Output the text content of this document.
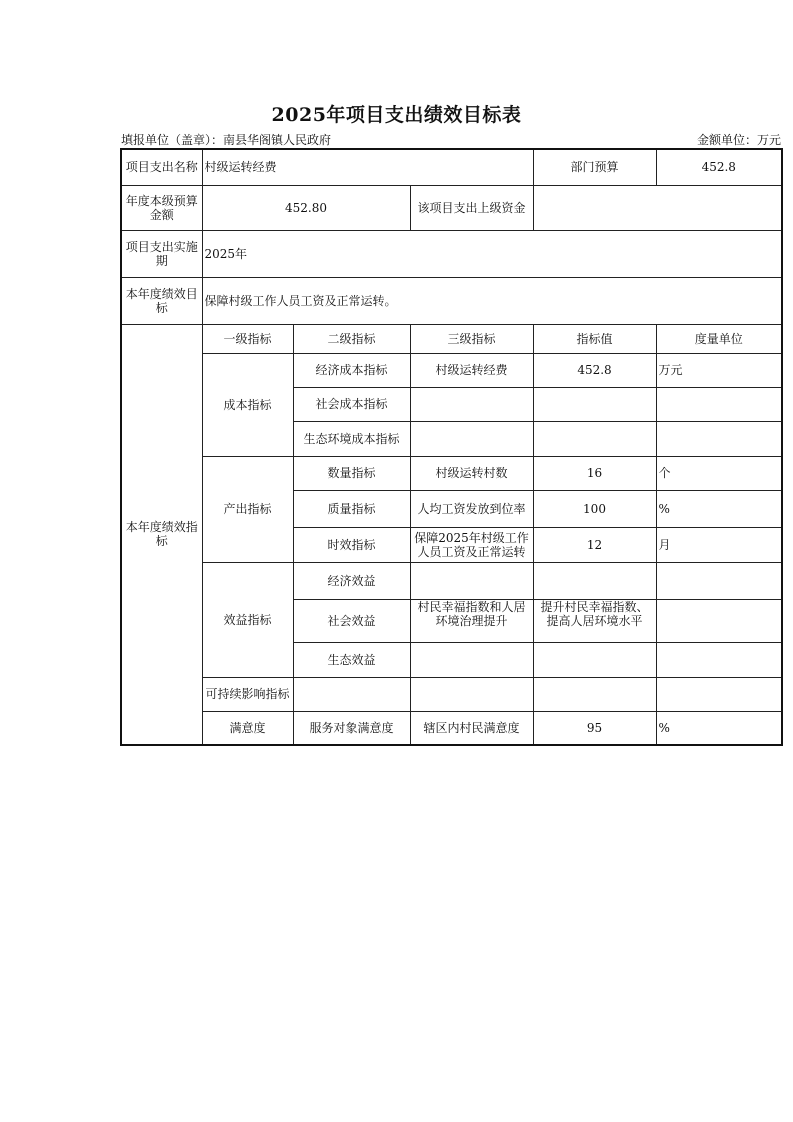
2025年项目支出绩效目标表
填报单位（盖章）：南县华阁镇人民政府	金额单位：万元
项目支出名称	村级运转经费			部门预算	452.8
年度本级预算金额	452.80		该项目支出上级资金		
项目支出实施期	2025年				
本年度绩效目标	保障村级工作人员工资及正常运转。				
本年度绩效指标	一级指标	二级指标	三级指标	指标值	度量单位
	成本指标	经济成本指标	村级运转经费	452.8	万元
		社会成本指标			
		生态环境成本指标			
	产出指标	数量指标	村级运转村数	16	个
		质量指标	人均工资发放到位率	100	%
		时效指标	保障2025年村级工作人员工资及正常运转	12	月
	效益指标	经济效益			
		社会效益	村民幸福指数和人居环境治理提升	提升村民幸福指数、提高人居环境水平	
		生态效益			
	可持续影响指标				
	满意度	服务对象满意度	辖区内村民满意度	95	%
